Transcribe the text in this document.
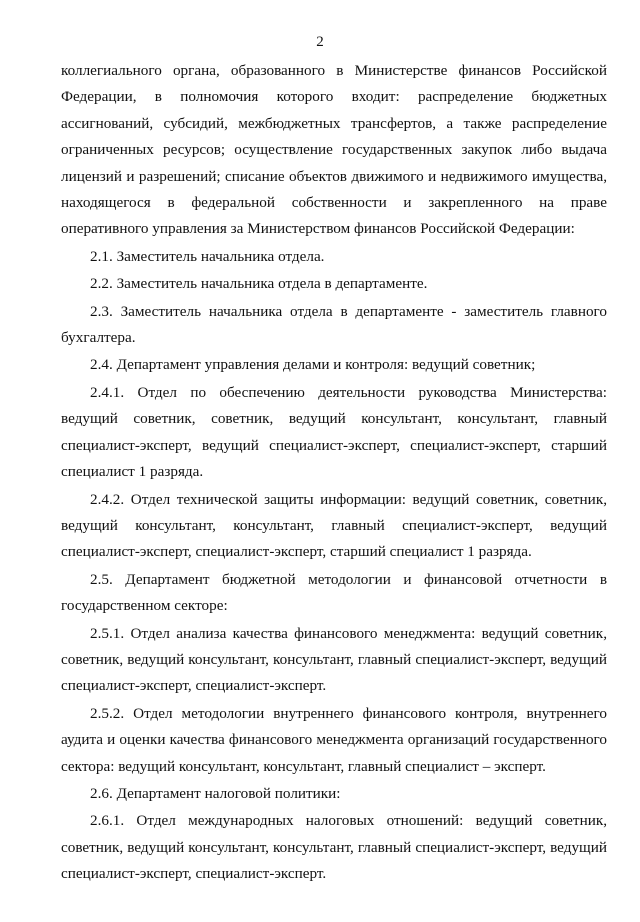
2

коллегиального органа, образованного в Министерстве финансов Российской Федерации, в полномочия которого входит: распределение бюджетных ассигнований, субсидий, межбюджетных трансфертов, а также распределение ограниченных ресурсов; осуществление государственных закупок либо выдача лицензий и разрешений; списание объектов движимого и недвижимого имущества, находящегося в федеральной собственности и закрепленного на праве оперативного управления за Министерством финансов Российской Федерации:

2.1. Заместитель начальника отдела.

2.2. Заместитель начальника отдела в департаменте.

2.3. Заместитель начальника отдела в департаменте - заместитель главного бухгалтера.

2.4. Департамент управления делами и контроля: ведущий советник;

2.4.1. Отдел по обеспечению деятельности руководства Министерства: ведущий советник, советник, ведущий консультант, консультант, главный специалист-эксперт, ведущий специалист-эксперт, специалист-эксперт, старший специалист 1 разряда.

2.4.2. Отдел технической защиты информации: ведущий советник, советник, ведущий консультант, консультант, главный специалист-эксперт, ведущий специалист-эксперт, специалист-эксперт, старший специалист 1 разряда.

2.5. Департамент бюджетной методологии и финансовой отчетности в государственном секторе:

2.5.1. Отдел анализа качества финансового менеджмента: ведущий советник, советник, ведущий консультант, консультант, главный специалист-эксперт, ведущий специалист-эксперт, специалист-эксперт.

2.5.2. Отдел методологии внутреннего финансового контроля, внутреннего аудита и оценки качества финансового менеджмента организаций государственного сектора: ведущий консультант, консультант, главный специалист – эксперт.

2.6. Департамент налоговой политики:

2.6.1. Отдел международных налоговых отношений: ведущий советник, советник, ведущий консультант, консультант, главный специалист-эксперт, ведущий специалист-эксперт, специалист-эксперт.
